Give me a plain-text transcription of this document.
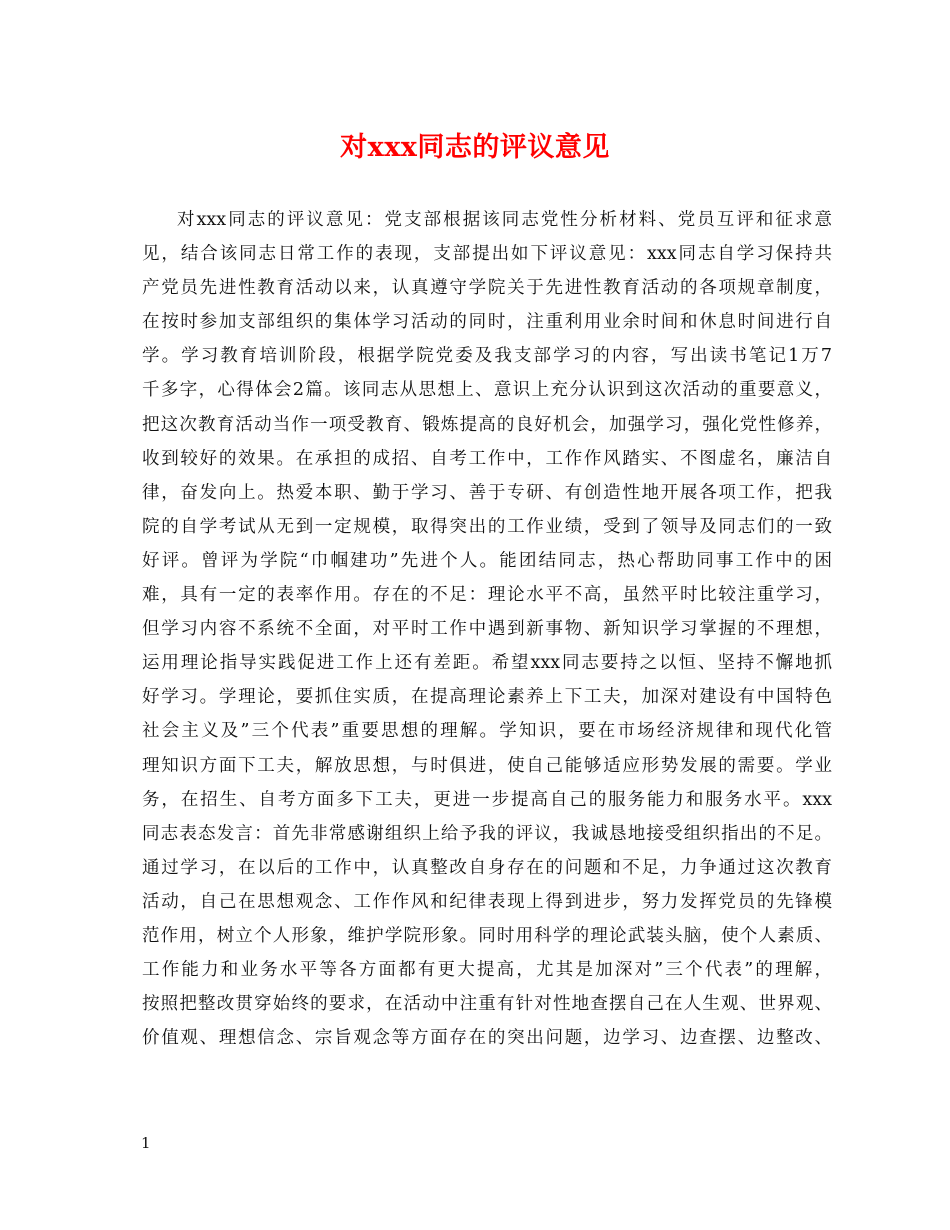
对xxx同志的评议意见
对xxx同志的评议意见：党支部根据该同志党性分析材料、党员互评和征求意
见，结合该同志日常工作的表现，支部提出如下评议意见：xxx同志自学习保持共
产党员先进性教育活动以来，认真遵守学院关于先进性教育活动的各项规章制度，
在按时参加支部组织的集体学习活动的同时，注重利用业余时间和休息时间进行自
学。学习教育培训阶段，根据学院党委及我支部学习的内容，写出读书笔记1万7
千多字，心得体会2篇。该同志从思想上、意识上充分认识到这次活动的重要意义，
把这次教育活动当作一项受教育、锻炼提高的良好机会，加强学习，强化党性修养，
收到较好的效果。在承担的成招、自考工作中，工作作风踏实、不图虚名，廉洁自
律，奋发向上。热爱本职、勤于学习、善于专研、有创造性地开展各项工作，把我
院的自学考试从无到一定规模，取得突出的工作业绩，受到了领导及同志们的一致
好评。曾评为学院“巾帼建功”先进个人。能团结同志，热心帮助同事工作中的困
难，具有一定的表率作用。存在的不足：理论水平不高，虽然平时比较注重学习，
但学习内容不系统不全面，对平时工作中遇到新事物、新知识学习掌握的不理想，
运用理论指导实践促进工作上还有差距。希望xxx同志要持之以恒、坚持不懈地抓
好学习。学理论，要抓住实质，在提高理论素养上下工夫，加深对建设有中国特色
社会主义及”三个代表”重要思想的理解。学知识，要在市场经济规律和现代化管
理知识方面下工夫，解放思想，与时俱进，使自己能够适应形势发展的需要。学业
务，在招生、自考方面多下工夫，更进一步提高自己的服务能力和服务水平。xxx
同志表态发言：首先非常感谢组织上给予我的评议，我诚恳地接受组织指出的不足。
通过学习，在以后的工作中，认真整改自身存在的问题和不足，力争通过这次教育
活动，自己在思想观念、工作作风和纪律表现上得到进步，努力发挥党员的先锋模
范作用，树立个人形象，维护学院形象。同时用科学的理论武装头脑，使个人素质、
工作能力和业务水平等各方面都有更大提高，尤其是加深对”三个代表”的理解，
按照把整改贯穿始终的要求，在活动中注重有针对性地查摆自己在人生观、世界观、
价值观、理想信念、宗旨观念等方面存在的突出问题，边学习、边查摆、边整改、
1
